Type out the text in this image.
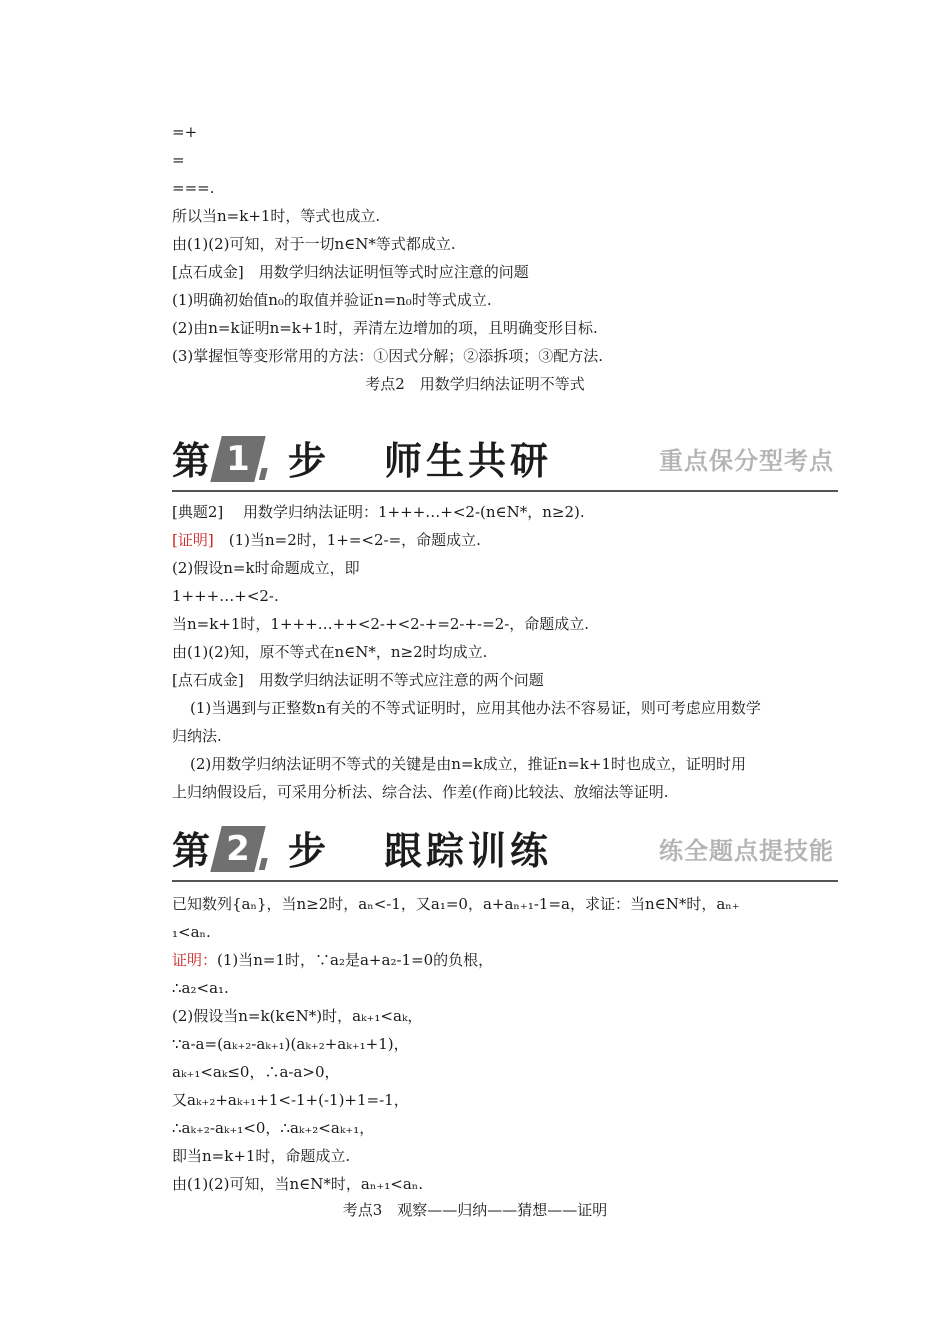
=+
=
===.
所以当n=k+1时，等式也成立.
由(1)(2)可知，对于一切n∈N*等式都成立.
[点石成金]　用数学归纳法证明恒等式时应注意的问题
(1)明确初始值n₀的取值并验证n=n₀时等式成立.
(2)由n=k证明n=k+1时，弄清左边增加的项，且明确变形目标.
(3)掌握恒等变形常用的方法：①因式分解；②添拆项；③配方法.
考点2　用数学归纳法证明不等式
第 1 步 师生共研	重点保分型考点
[典题2]　 用数学归纳法证明：1+++…+<2-(n∈N*，n≥2).
[证明]　(1)当n=2时，1+=<2-=，命题成立.
(2)假设n=k时命题成立，即
1+++…+<2-.
当n=k+1时，1+++…++<2-+<2-+=2-+-=2-，命题成立.
由(1)(2)知，原不等式在n∈N*，n≥2时均成立.
[点石成金]　用数学归纳法证明不等式应注意的两个问题
(1)当遇到与正整数n有关的不等式证明时，应用其他办法不容易证，则可考虑应用数学
归纳法.
(2)用数学归纳法证明不等式的关键是由n=k成立，推证n=k+1时也成立，证明时用
上归纳假设后，可采用分析法、综合法、作差(作商)比较法、放缩法等证明.
第 2 步 跟踪训练	练全题点提技能
已知数列{aₙ}，当n≥2时，aₙ<-1，又a₁=0，a+aₙ₊₁-1=a，求证：当n∈N*时，aₙ₊
₁<aₙ.
证明：(1)当n=1时，∵a₂是a+a₂-1=0的负根，
∴a₂<a₁.
(2)假设当n=k(k∈N*)时，aₖ₊₁<aₖ，
∵a-a=(aₖ₊₂-aₖ₊₁)(aₖ₊₂+aₖ₊₁+1)，
aₖ₊₁<aₖ≤0，∴a-a>0，
又aₖ₊₂+aₖ₊₁+1<-1+(-1)+1=-1，
∴aₖ₊₂-aₖ₊₁<0，∴aₖ₊₂<aₖ₊₁，
即当n=k+1时，命题成立.
由(1)(2)可知，当n∈N*时，aₙ₊₁<aₙ.
考点3　观察——归纳——猜想——证明
